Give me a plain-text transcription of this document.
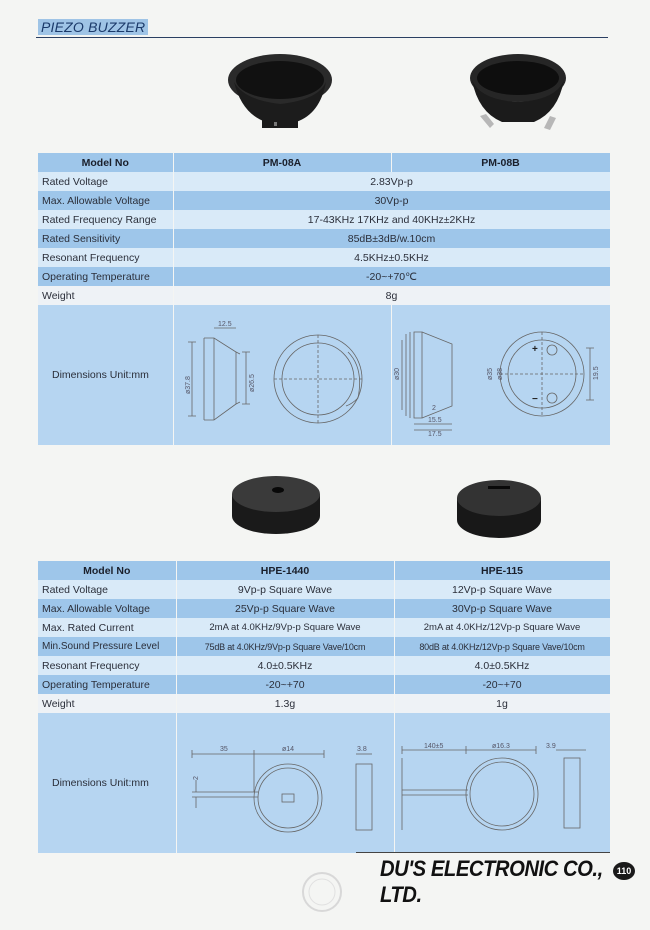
PIEZO BUZZER
Model No	PM-08A	PM-08B
Rated Voltage	2.83Vp-p	
Max. Allowable Voltage	30Vp-p	
Rated Frequency Range	17-43KHz 17KHz and 40KHz±2KHz	
Rated Sensitivity	85dB±3dB/w.10cm	
Resonant Frequency	4.5KHz±0.5KHz	
Operating Temperature	-20~+70℃	
Weight	8g	
Dimensions Unit:mm		
12.5
ø37.8	ø26.5
ø30	ø35 ø38
2
15.5
17.5
19.5
+
−
Model No	HPE-1440	HPE-115
Rated Voltage	9Vp-p Square Wave	12Vp-p Square Wave
Max. Allowable Voltage	25Vp-p Square Wave	30Vp-p Square Wave
Max. Rated Current	2mA at 4.0KHz/9Vp-p Square Wave	2mA at 4.0KHz/12Vp-p Square Wave
Min.Sound Pressure Level	75dB at 4.0KHz/9Vp-p Square Vave/10cm	80dB at 4.0KHz/12Vp-p Square Vave/10cm
Resonant Frequency	4.0±0.5KHz	4.0±0.5KHz
Operating Temperature	-20~+70	-20~+70
Weight	1.3g	1g
Dimensions Unit:mm		
35	ø14	3.8
2
140±5	ø16.3	3.9
DU'S ELECTRONIC CO., LTD.
110
